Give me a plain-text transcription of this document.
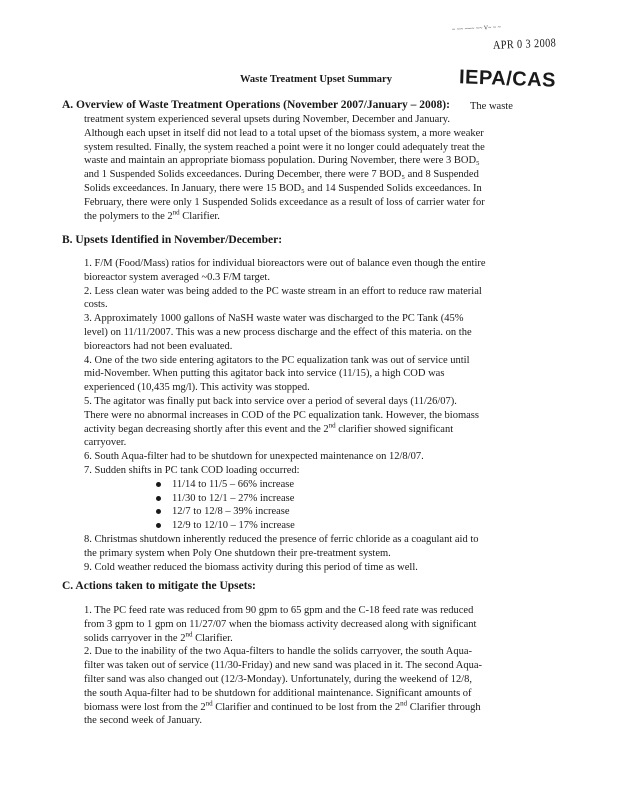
~ ~~ ~~~ ~~ V~ ~ ~
APR 0 3 2008
IEPA/CAS
Waste Treatment Upset Summary
A. Overview of Waste Treatment Operations (November 2007/January – 2008): The waste
treatment system experienced several upsets during November, December and January.
Although each upset in itself did not lead to a total upset of the biomass system, a more weaker
system resulted. Finally, the system reached a point were it no longer could adequately treat the
waste and maintain an appropriate biomass population. During November, there were 3 BOD₅
and 1 Suspended Solids exceedances. During December, there were 7 BOD₅ and 8 Suspended
Solids exceedances. In January, there were 15 BOD₅ and 14 Suspended Solids exceedances. In
February, there were only 1 Suspended Solids exceedance as a result of loss of carrier water for
the polymers to the 2nd Clarifier.
B. Upsets Identified in November/December:
1. F/M (Food/Mass) ratios for individual bioreactors were out of balance even though the entire
bioreactor system averaged ~0.3 F/M target.
2. Less clean water was being added to the PC waste stream in an effort to reduce raw material
costs.
3. Approximately 1000 gallons of NaSH waste water was discharged to the PC Tank (45%
level) on 11/11/2007. This was a new process discharge and the effect of this materia. on the
bioreactors had not been evaluated.
4. One of the two side entering agitators to the PC equalization tank was out of service until
mid-November. When putting this agitator back into service (11/15), a high COD was
experienced (10,435 mg/l). This activity was stopped.
5. The agitator was finally put back into service over a period of several days (11/26/07).
There were no abnormal increases in COD of the PC equalization tank. However, the biomass
activity began decreasing shortly after this event and the 2nd clarifier showed significant
carryover.
6. South Aqua-filter had to be shutdown for unexpected maintenance on 12/8/07.
7. Sudden shifts in PC tank COD loading occurred:
11/14 to 11/5 – 66% increase
11/30 to 12/1 – 27% increase
12/7 to 12/8 – 39% increase
12/9 to 12/10 – 17% increase
8. Christmas shutdown inherently reduced the presence of ferric chloride as a coagulant aid to
the primary system when Poly One shutdown their pre-treatment system.
9. Cold weather reduced the biomass activity during this period of time as well.
C. Actions taken to mitigate the Upsets:
1. The PC feed rate was reduced from 90 gpm to 65 gpm and the C-18 feed rate was reduced
from 3 gpm to 1 gpm on 11/27/07 when the biomass activity decreased along with significant
solids carryover in the 2nd Clarifier.
2. Due to the inability of the two Aqua-filters to handle the solids carryover, the south Aqua-
filter was taken out of service (11/30-Friday) and new sand was placed in it. The second Aqua-
filter sand was also changed out (12/3-Monday). Unfortunately, during the weekend of 12/8,
the south Aqua-filter had to be shutdown for additional maintenance. Significant amounts of
biomass were lost from the 2nd Clarifier and continued to be lost from the 2nd Clarifier through
the second week of January.
